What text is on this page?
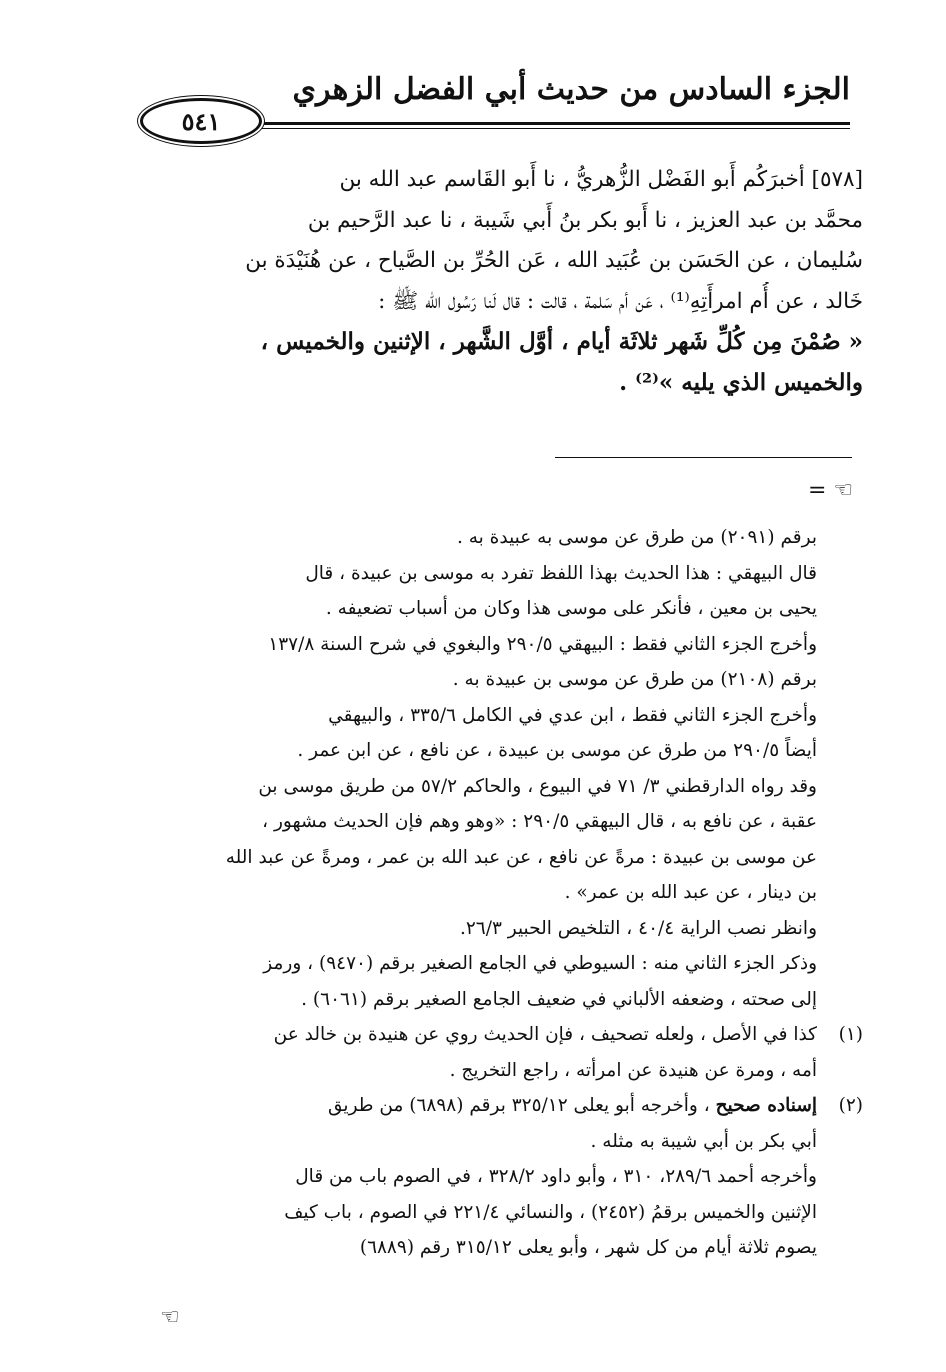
الجزء السادس من حديث أبي الفضل الزهري
٥٤١
[٥٧٨] أخبرَكُم أَبو الفَضْل الزُّهريُّ ، نا أَبو القَاسم عبد الله بن
محمَّد بن عبد العزيز ، نا أَبو بكر بنُ أَبي شَيبة ، نا عبد الرَّحيم بن
سُليمان ، عن الحَسَن بن عُبَيد الله ، عَن الحُرِّ بن الصَّياح ، عن هُنَيْدَة بن
خَالد ، عن أُم امرأَتِهِ⁽¹⁾ ، عَن أم سَلمة ، قالت : قال لَنا رَسُول الله ﷺ :
« صُمْنَ مِن كُلِّ شَهر ثلاثَة أيام ، أوَّل الشَّهر ، الإثنين والخميس ،
والخميس الذي يليه »⁽²⁾ .
= ☜
برقم (٢٠٩١) من طرق عن موسى به عبيدة به .
قال البيهقي : هذا الحديث بهذا اللفظ تفرد به موسى بن عبيدة ، قال
يحيى بن معين ، فأنكر على موسى هذا وكان من أسباب تضعيفه .
وأخرج الجزء الثاني فقط : البيهقي ٢٩٠/٥ والبغوي في شرح السنة ١٣٧/٨
برقم (٢١٠٨) من طرق عن موسى بن عبيدة به .
وأخرج الجزء الثاني فقط ، ابن عدي في الكامل ٣٣٥/٦ ، والبيهقي
أيضاً ٢٩٠/٥ من طرق عن موسى بن عبيدة ، عن نافع ، عن ابن عمر .
وقد رواه الدارقطني ٣/ ٧١ في البيوع ، والحاكم ٥٧/٢ من طريق موسى بن
عقبة ، عن نافع به ، قال البيهقي ٢٩٠/٥ : «وهو وهم فإن الحديث مشهور ،
عن موسى بن عبيدة : مرةً عن نافع ، عن عبد الله بن عمر ، ومرةً عن عبد الله
بن دينار ، عن عبد الله بن عمر» .
وانظر نصب الراية ٤٠/٤ ، التلخيص الحبير ٢٦/٣.
وذكر الجزء الثاني منه : السيوطي في الجامع الصغير برقم (٩٤٧٠) ، ورمز
إلى صحته ، وضعفه الألباني في ضعيف الجامع الصغير برقم (٦٠٦١) .
(١)كذا في الأصل ، ولعله تصحيف ، فإن الحديث روي عن هنيدة بن خالد عن
أمه ، ومرة عن هنيدة عن امرأته ، راجع التخريج .
(٢)إسناده صحيح ، وأخرجه أبو يعلى ٣٢٥/١٢ برقم (٦٨٩٨) من طريق
أبي بكر بن أبي شيبة به مثله .
وأخرجه أحمد ٢٨٩/٦، ٣١٠ ، وأبو داود ٣٢٨/٢ ، في الصوم باب من قال
الإثنين والخميس برقمُ (٢٤٥٢) ، والنسائي ٢٢١/٤ في الصوم ، باب كيف
يصوم ثلاثة أيام من كل شهر ، وأبو يعلى ٣١٥/١٢ رقم (٦٨٨٩)
☜
